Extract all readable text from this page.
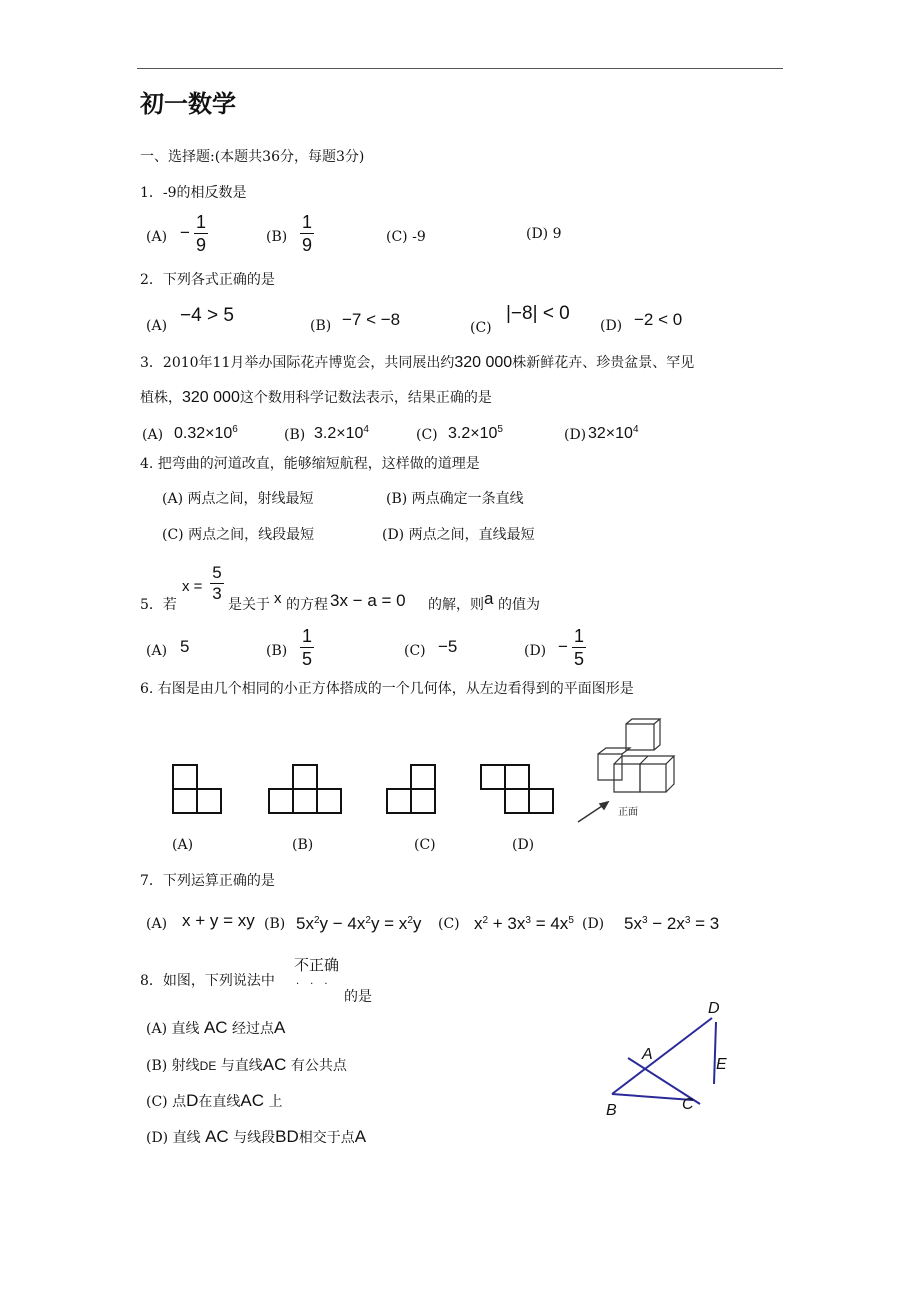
初一数学
一、选择题:(本题共36分，每题3分)
1．-9的相反数是
(A) −
1
9	(B)
1
9	(C) -9	(D) 9
2．下列各式正确的是
(A) −4 > 5	(B) −7 < −8	(C)
|−8| < 0
(D) −2 < 0
3．2010年11月举办国际花卉博览会，共同展出约320 000株新鲜花卉、珍贵盆景、罕见
植株，320 000这个数用科学记数法表示，结果正确的是
(A) $0.32\times 10^6$	(B) $3.2\times 10^4$	(C) $3.2\times 10^5$	(D) $32\times 10^4$
4. 把弯曲的河道改直，能够缩短航程，这样做的道理是
(A) 两点之间，射线最短	(B) 两点确定一条直线
(C) 两点之间，线段最短	(D) 两点之间，直线最短
5．若
x =
5
3
是关于 x 的方程 3x − a = 0 的解，则 a 的值为
(A) 5	(B)
1
5	(C) −5	(D) −
1
5
6. 右图是由几个相同的小正方体搭成的一个几何体，从左边看得到的平面图形是
(A)	(B)	(C)	(D)
正面
7．下列运算正确的是
(A) x + y = xy (B) $5x^2y - 4x^2y = x^2y$ (C) $x^2 + 3x^3 = 4x^5$ (D) $5x^3 - 2x^3 = 3$
8．如图，下列说法中
不正确
···
的是
(A) 直线 AC 经过点A
(B) 射线DE 与直线AC 有公共点
(C) 点D在直线AC 上
(D) 直线 AC 与线段BD相交于点A
D
A
E
B	C
